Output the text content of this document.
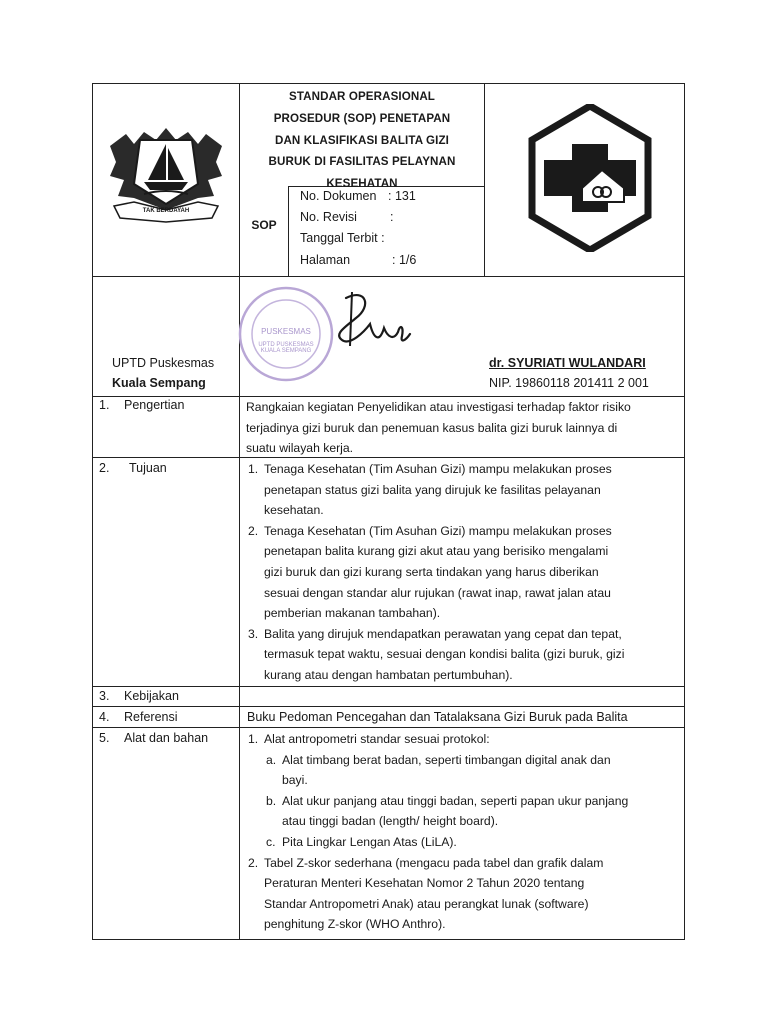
TAK BERDAYAH
STANDAR OPERASIONAL
PROSEDUR (SOP) PENETAPAN
DAN KLASIFIKASI BALITA GIZI
BURUK DI FASILITAS PELAYNAN
KESEHATAN
SOP
No. Dokumen : 131
No. Revisi	:
Tanggal Terbit :
Halaman	: 1/6
PUSKESMAS
UPTD PUSKESMAS KUALA SEMPANG
UPTD Puskesmas
Kuala Sempang
dr. SYURIATI WULANDARI
NIP. 19860118 201411 2 001
1. Pengertian	Rangkaian kegiatan Penyelidikan atau investigasi terhadap faktor risiko
terjadinya gizi buruk dan penemuan kasus balita gizi buruk lainnya di
suatu wilayah kerja.
2. Tujuan	1. Tenaga Kesehatan (Tim Asuhan Gizi) mampu melakukan proses
penetapan status gizi balita yang dirujuk ke fasilitas pelayanan
kesehatan.
2. Tenaga Kesehatan (Tim Asuhan Gizi) mampu melakukan proses
penetapan balita kurang gizi akut atau yang berisiko mengalami
gizi buruk dan gizi kurang serta tindakan yang harus diberikan
sesuai dengan standar alur rujukan (rawat inap, rawat jalan atau
pemberian makanan tambahan).
3. Balita yang dirujuk mendapatkan perawatan yang cepat dan tepat,
termasuk tepat waktu, sesuai dengan kondisi balita (gizi buruk, gizi
kurang atau dengan hambatan pertumbuhan).
3. Kebijakan
4. Referensi	Buku Pedoman Pencegahan dan Tatalaksana Gizi Buruk pada Balita
5. Alat dan bahan	1. Alat antropometri standar sesuai protokol:
a. Alat timbang berat badan, seperti timbangan digital anak dan
bayi.
b. Alat ukur panjang atau tinggi badan, seperti papan ukur panjang
atau tinggi badan (length/ height board).
c. Pita Lingkar Lengan Atas (LiLA).
2. Tabel Z-skor sederhana (mengacu pada tabel dan grafik dalam
Peraturan Menteri Kesehatan Nomor 2 Tahun 2020 tentang
Standar Antropometri Anak) atau perangkat lunak (software)
penghitung Z-skor (WHO Anthro).
